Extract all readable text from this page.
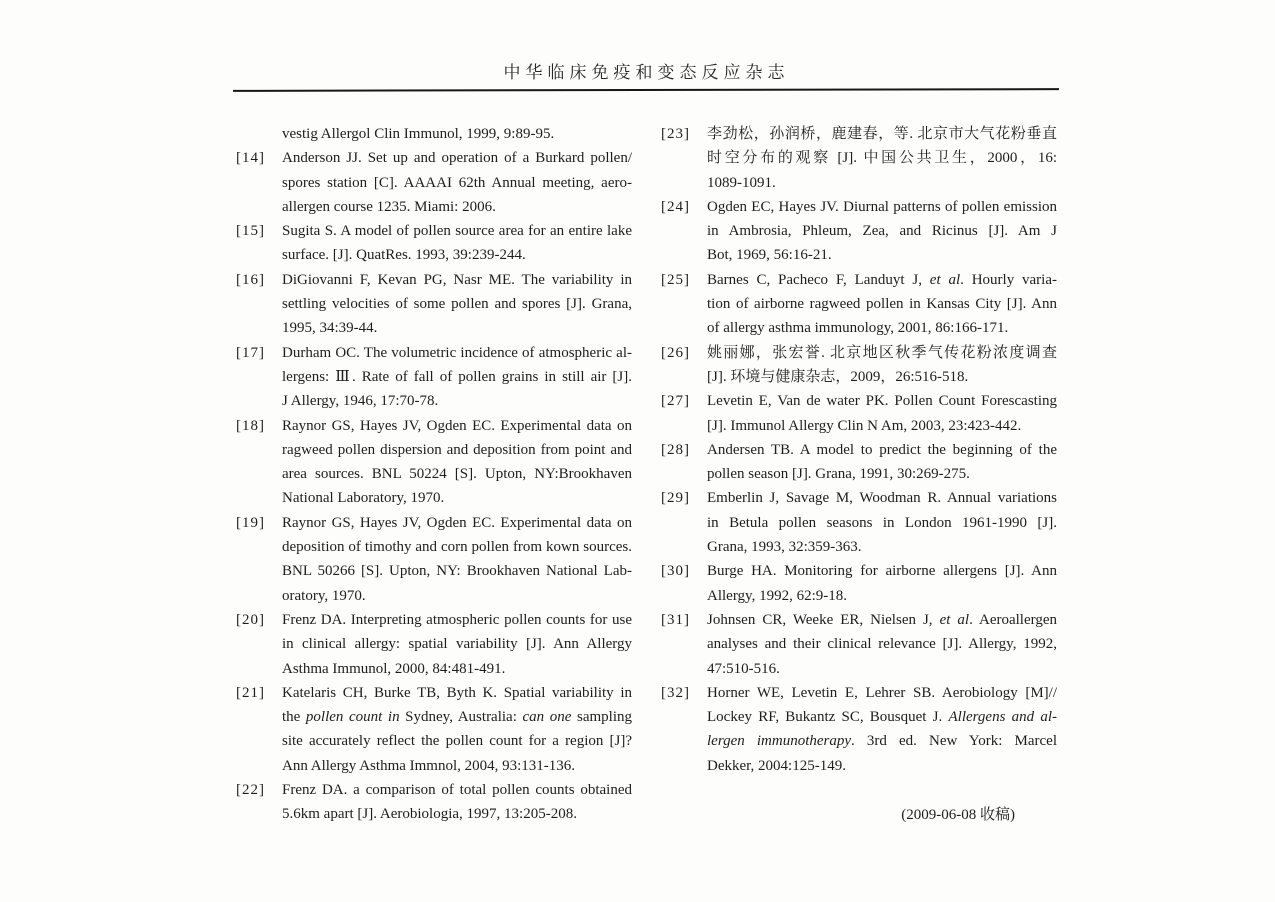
中华临床免疫和变态反应杂志
vestig Allergol Clin Immunol, 1999, 9:89-95.
[14]	Anderson JJ. Set up and operation of a Burkard pollen/
spores station [C]. AAAAI 62th Annual meeting, aero-
allergen course 1235. Miami: 2006.
[15]	Sugita S. A model of pollen source area for an entire lake
surface. [J]. QuatRes. 1993, 39:239-244.
[16]	DiGiovanni F, Kevan PG, Nasr ME. The variability in
settling velocities of some pollen and spores [J]. Grana,
1995, 34:39-44.
[17]	Durham OC. The volumetric incidence of atmospheric al-
lergens: Ⅲ. Rate of fall of pollen grains in still air [J].
J Allergy, 1946, 17:70-78.
[18]	Raynor GS, Hayes JV, Ogden EC. Experimental data on
ragweed pollen dispersion and deposition from point and
area sources. BNL 50224 [S]. Upton, NY:Brookhaven
National Laboratory, 1970.
[19]	Raynor GS, Hayes JV, Ogden EC. Experimental data on
deposition of timothy and corn pollen from kown sources.
BNL 50266 [S]. Upton, NY: Brookhaven National Lab-
oratory, 1970.
[20]	Frenz DA. Interpreting atmospheric pollen counts for use
in clinical allergy: spatial variability [J]. Ann Allergy
Asthma Immunol, 2000, 84:481-491.
[21]	Katelaris CH, Burke TB, Byth K. Spatial variability in
the pollen count in Sydney, Australia: can one sampling
site accurately reflect the pollen count for a region [J]?
Ann Allergy Asthma Immnol, 2004, 93:131-136.
[22]	Frenz DA. a comparison of total pollen counts obtained
5.6km apart [J]. Aerobiologia, 1997, 13:205-208.
[23]	李劲松，孙润桥，鹿建春，等. 北京市大气花粉垂直
时空分布的观察 [J]. 中国公共卫生，2000，16:
1089-1091.
[24]	Ogden EC, Hayes JV. Diurnal patterns of pollen emission
in Ambrosia, Phleum, Zea, and Ricinus [J]. Am J
Bot, 1969, 56:16-21.
[25]	Barnes C, Pacheco F, Landuyt J, et al. Hourly varia-
tion of airborne ragweed pollen in Kansas City [J]. Ann
of allergy asthma immunology, 2001, 86:166-171.
[26]	姚丽娜，张宏誉. 北京地区秋季气传花粉浓度调查
[J]. 环境与健康杂志，2009，26:516-518.
[27]	Levetin E, Van de water PK. Pollen Count Forescasting
[J]. Immunol Allergy Clin N Am, 2003, 23:423-442.
[28]	Andersen TB. A model to predict the beginning of the
pollen season [J]. Grana, 1991, 30:269-275.
[29]	Emberlin J, Savage M, Woodman R. Annual variations
in Betula pollen seasons in London 1961-1990 [J].
Grana, 1993, 32:359-363.
[30]	Burge HA. Monitoring for airborne allergens [J]. Ann
Allergy, 1992, 62:9-18.
[31]	Johnsen CR, Weeke ER, Nielsen J, et al. Aeroallergen
analyses and their clinical relevance [J]. Allergy, 1992,
47:510-516.
[32]	Horner WE, Levetin E, Lehrer SB. Aerobiology [M]//
Lockey RF, Bukantz SC, Bousquet J. Allergens and al-
lergen immunotherapy. 3rd ed. New York: Marcel
Dekker, 2004:125-149.
(2009-06-08 收稿)
